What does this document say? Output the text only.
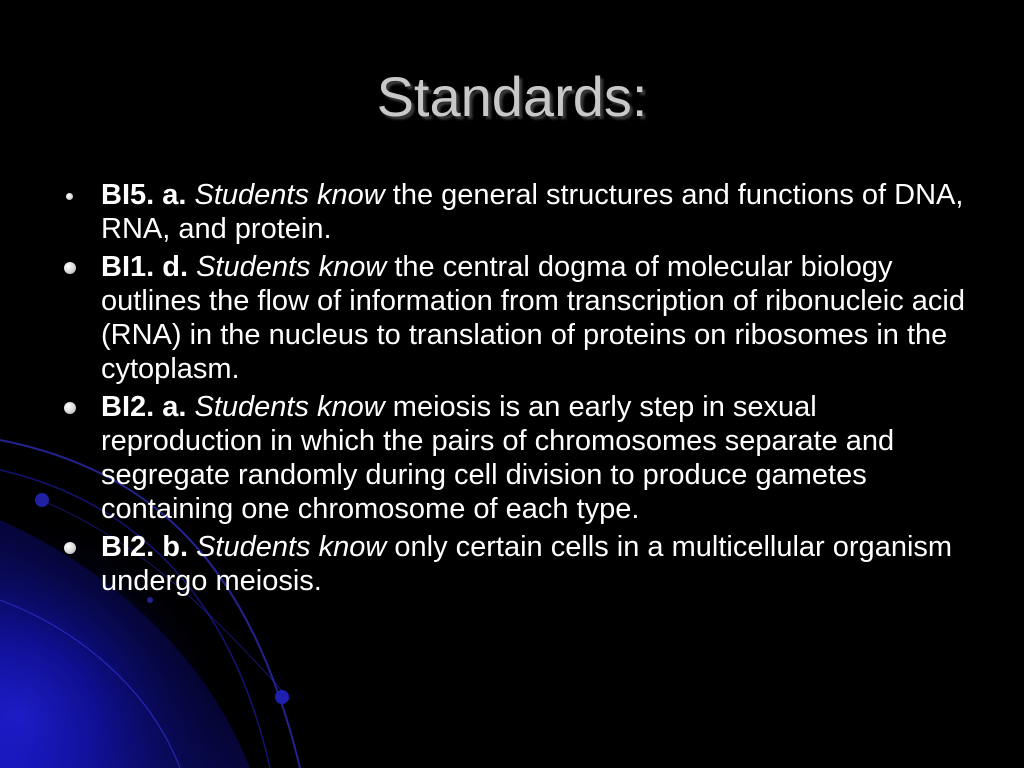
Standards:
BI5. a. Students know the general structures and functions of DNA, RNA, and protein.
BI1. d. Students know the central dogma of molecular biology outlines the flow of information from transcription of ribonucleic acid (RNA) in the nucleus to translation of proteins on ribosomes in the cytoplasm.
BI2. a. Students know meiosis is an early step in sexual reproduction in which the pairs of chromosomes separate and segregate randomly during cell division to produce gametes containing one chromosome of each type.
BI2. b. Students know only certain cells in a multicellular organism undergo meiosis.
